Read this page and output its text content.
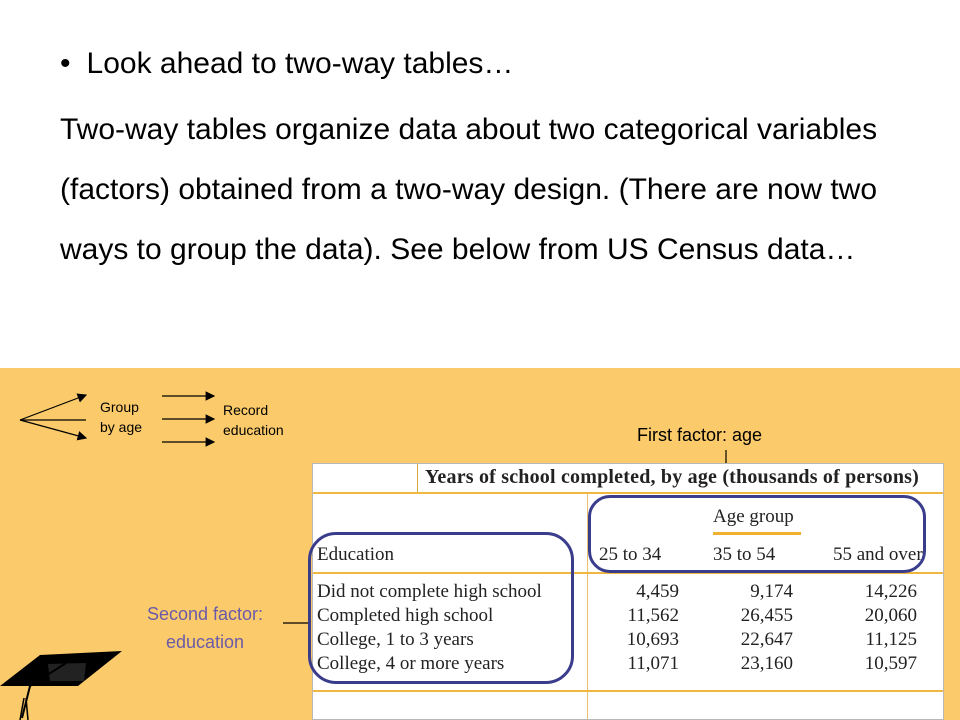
• Look ahead to two-way tables…
Two-way tables organize data about two categorical variables (factors) obtained from a two-way design. (There are now two ways to group the data). See below from US Census data…
Group
by age
Record
education	First factor: age
Second factor:
education
Years of school completed, by age (thousands of persons)
Age group
Education	25 to 34	35 to 54	55 and over
Did not complete high school	4,459	9,174	14,226
Completed high school	11,562	26,455	20,060
College, 1 to 3 years	10,693	22,647	11,125
College, 4 or more years	11,071	23,160	10,597
